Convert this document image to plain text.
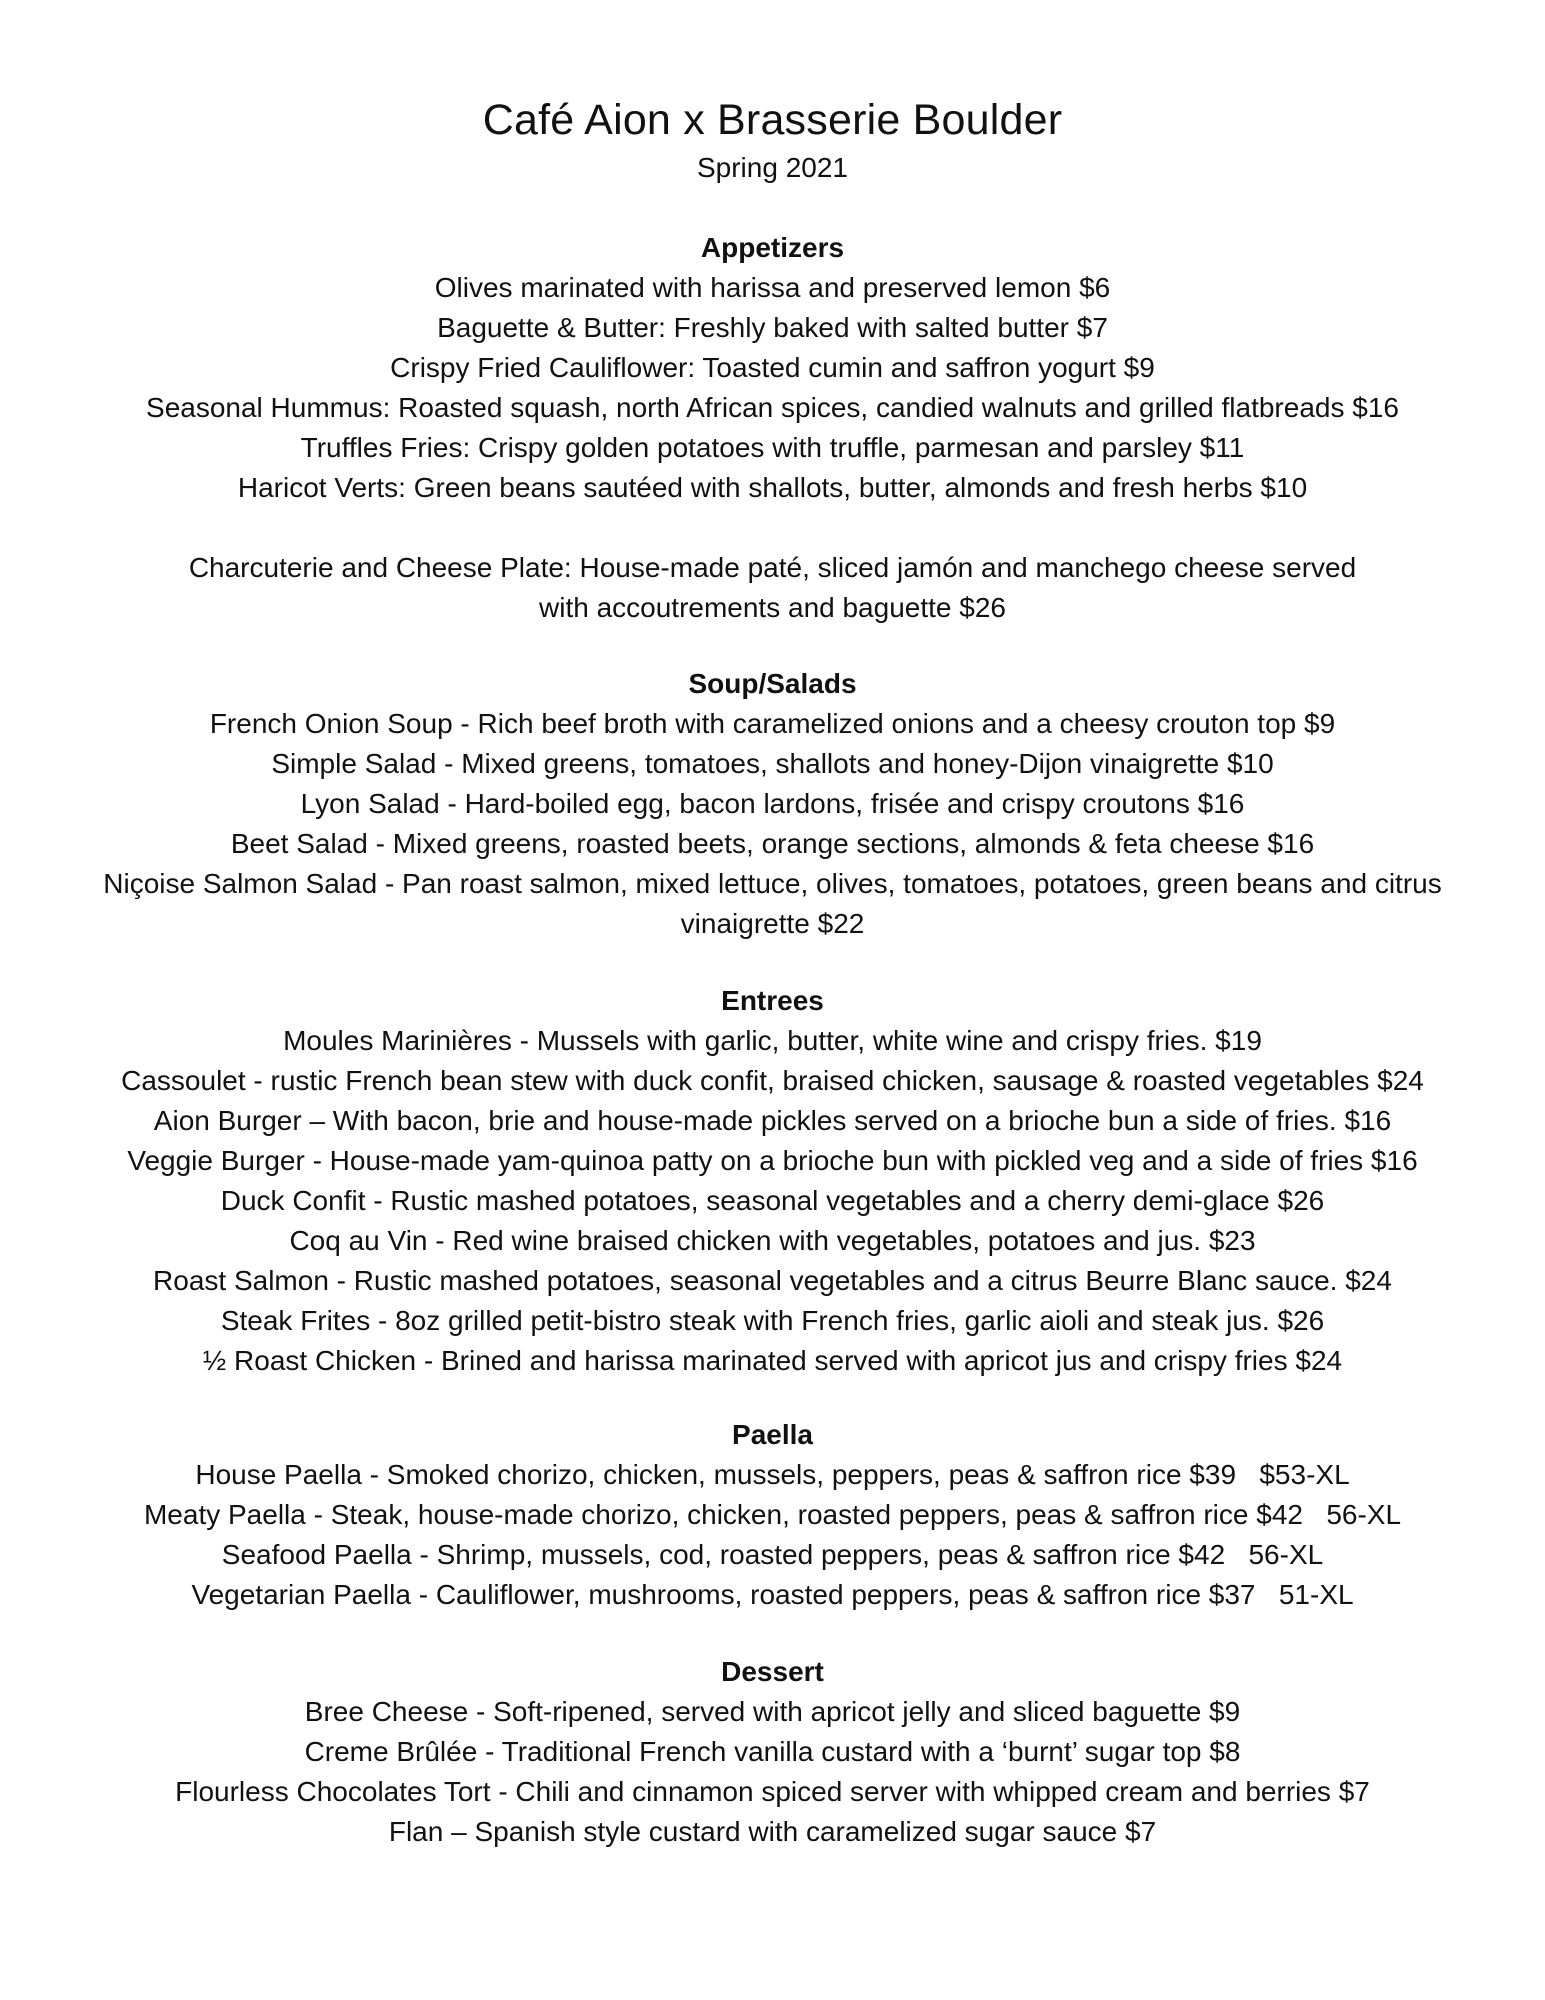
Café Aion x Brasserie Boulder

Spring 2021

Appetizers
Olives marinated with harissa and preserved lemon $6
Baguette & Butter: Freshly baked with salted butter $7
Crispy Fried Cauliflower: Toasted cumin and saffron yogurt $9
Seasonal Hummus: Roasted squash, north African spices, candied walnuts and grilled flatbreads $16
Truffles Fries: Crispy golden potatoes with truffle, parmesan and parsley $11
Haricot Verts: Green beans sautéed with shallots, butter, almonds and fresh herbs $10
Charcuterie and Cheese Plate: House-made paté, sliced jamón and manchego cheese served with accoutrements and baguette $26
Soup/Salads
French Onion Soup - Rich beef broth with caramelized onions and a cheesy crouton top $9
Simple Salad - Mixed greens, tomatoes, shallots and honey-Dijon vinaigrette $10
Lyon Salad - Hard-boiled egg, bacon lardons, frisée and crispy croutons $16
Beet Salad - Mixed greens, roasted beets, orange sections, almonds & feta cheese $16
Niçoise Salmon Salad - Pan roast salmon, mixed lettuce, olives, tomatoes, potatoes, green beans and citrus vinaigrette $22
Entrees
Moules Marinières - Mussels with garlic, butter, white wine and crispy fries. $19
Cassoulet - rustic French bean stew with duck confit, braised chicken, sausage & roasted vegetables $24
Aion Burger – With bacon, brie and house-made pickles served on a brioche bun a side of fries. $16
Veggie Burger - House-made yam-quinoa patty on a brioche bun with pickled veg and a side of fries $16
Duck Confit - Rustic mashed potatoes, seasonal vegetables and a cherry demi-glace $26
Coq au Vin - Red wine braised chicken with vegetables, potatoes and jus. $23
Roast Salmon - Rustic mashed potatoes, seasonal vegetables and a citrus Beurre Blanc sauce. $24
Steak Frites - 8oz grilled petit-bistro steak with French fries, garlic aioli and steak jus. $26
½ Roast Chicken - Brined and harissa marinated served with apricot jus and crispy fries $24
Paella
House Paella - Smoked chorizo, chicken, mussels, peppers, peas & saffron rice $39   $53-XL
Meaty Paella - Steak, house-made chorizo, chicken, roasted peppers, peas & saffron rice $42   56-XL
Seafood Paella - Shrimp, mussels, cod, roasted peppers, peas & saffron rice $42   56-XL
Vegetarian Paella - Cauliflower, mushrooms, roasted peppers, peas & saffron rice $37   51-XL
Dessert
Bree Cheese - Soft-ripened, served with apricot jelly and sliced baguette $9
Creme Brûlée - Traditional French vanilla custard with a ‘burnt’ sugar top $8
Flourless Chocolates Tort - Chili and cinnamon spiced server with whipped cream and berries $7
Flan – Spanish style custard with caramelized sugar sauce $7
